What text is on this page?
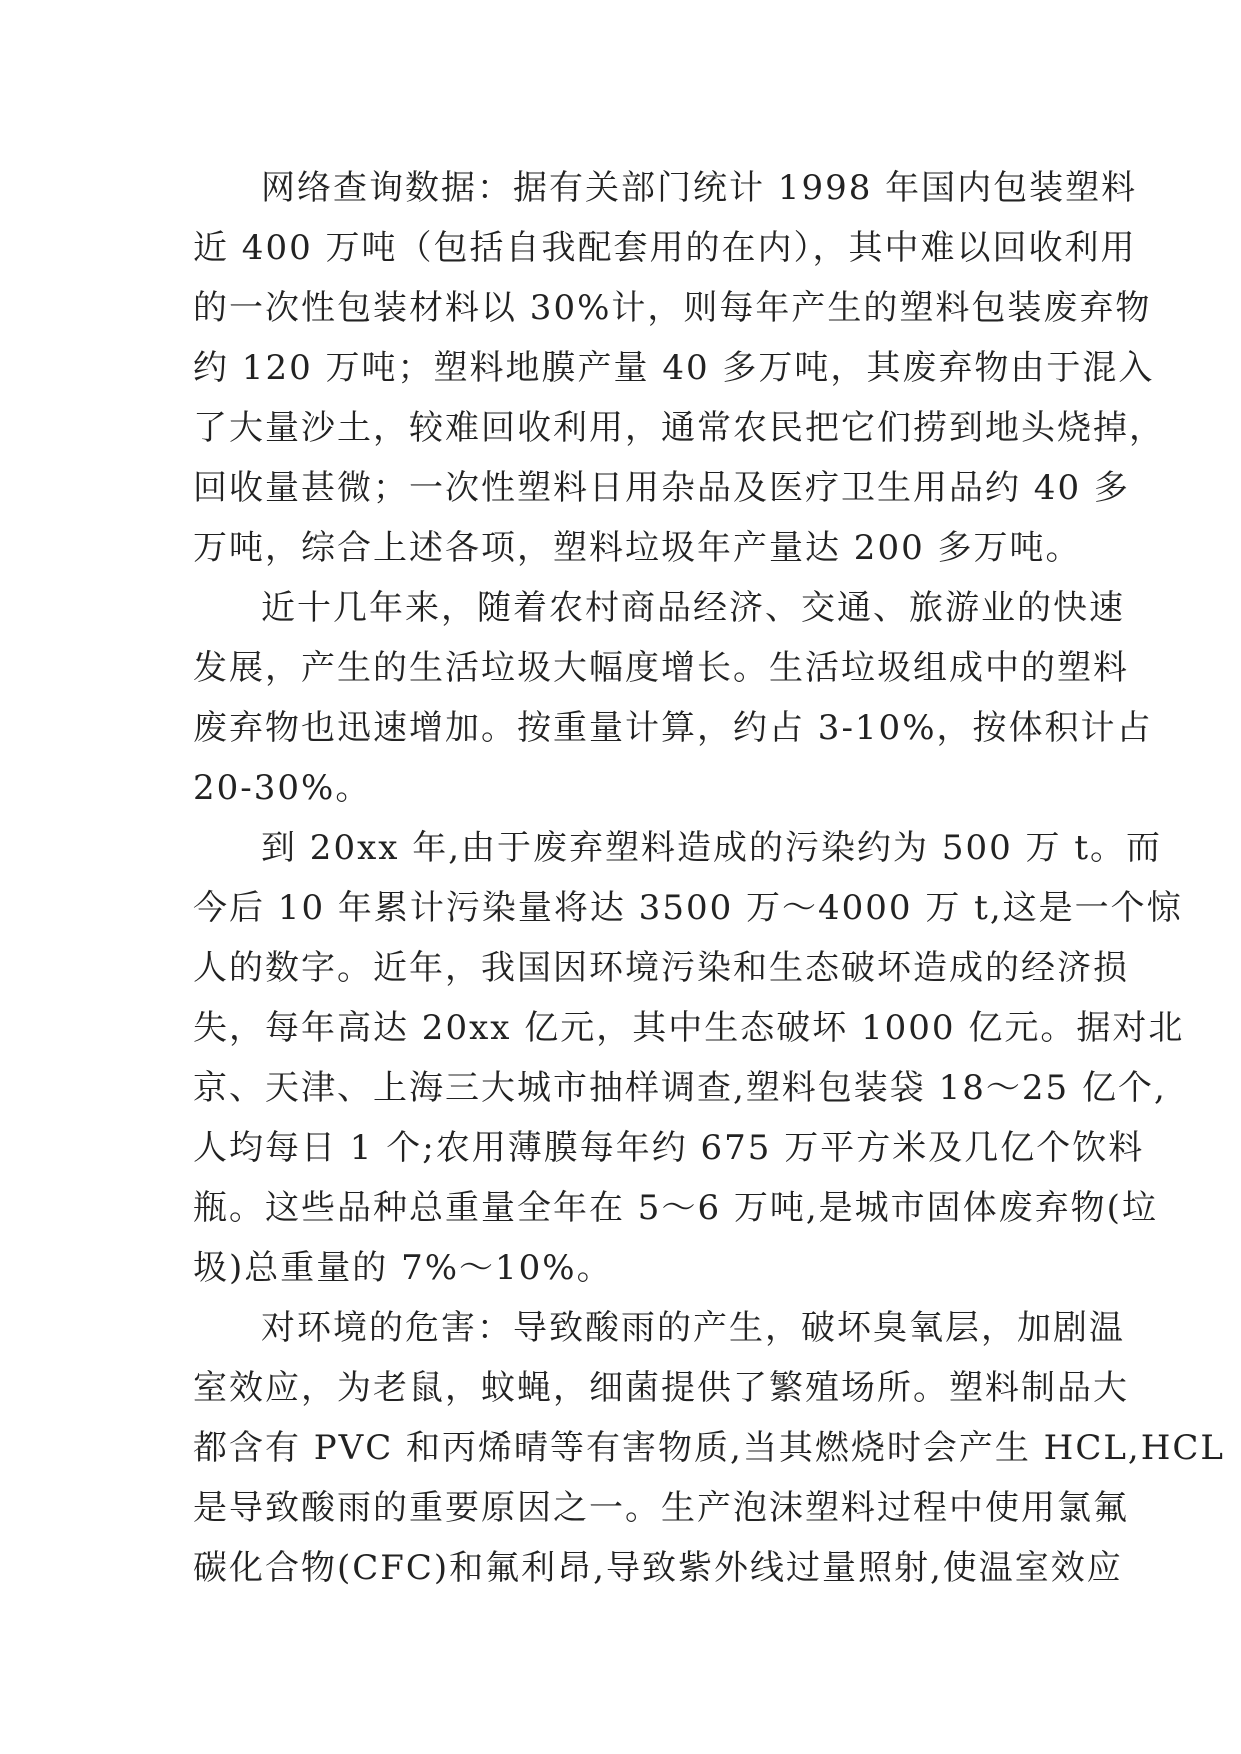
网络查询数据：据有关部门统计 1998 年国内包装塑料
近 400 万吨（包括自我配套用的在内），其中难以回收利用
的一次性包装材料以 30%计，则每年产生的塑料包装废弃物
约 120 万吨；塑料地膜产量 40 多万吨，其废弃物由于混入
了大量沙土，较难回收利用，通常农民把它们捞到地头烧掉，
回收量甚微；一次性塑料日用杂品及医疗卫生用品约 40 多
万吨，综合上述各项，塑料垃圾年产量达 200 多万吨。
近十几年来，随着农村商品经济、交通、旅游业的快速
发展，产生的生活垃圾大幅度增长。生活垃圾组成中的塑料
废弃物也迅速增加。按重量计算，约占 3-10%，按体积计占
20-30%。
到 20xx 年,由于废弃塑料造成的污染约为 500 万 t。而
今后 10 年累计污染量将达 3500 万～4000 万 t,这是一个惊
人的数字。近年，我国因环境污染和生态破坏造成的经济损
失，每年高达 20xx 亿元，其中生态破坏 1000 亿元。据对北
京、天津、上海三大城市抽样调查,塑料包装袋 18～25 亿个,
人均每日 1 个;农用薄膜每年约 675 万平方米及几亿个饮料
瓶。这些品种总重量全年在 5～6 万吨,是城市固体废弃物(垃
圾)总重量的 7%～10%。
对环境的危害：导致酸雨的产生，破坏臭氧层，加剧温
室效应，为老鼠，蚊蝇，细菌提供了繁殖场所。塑料制品大
都含有 PVC 和丙烯晴等有害物质,当其燃烧时会产生 HCL,HCL
是导致酸雨的重要原因之一。生产泡沫塑料过程中使用氯氟
碳化合物(CFC)和氟利昂,导致紫外线过量照射,使温室效应
